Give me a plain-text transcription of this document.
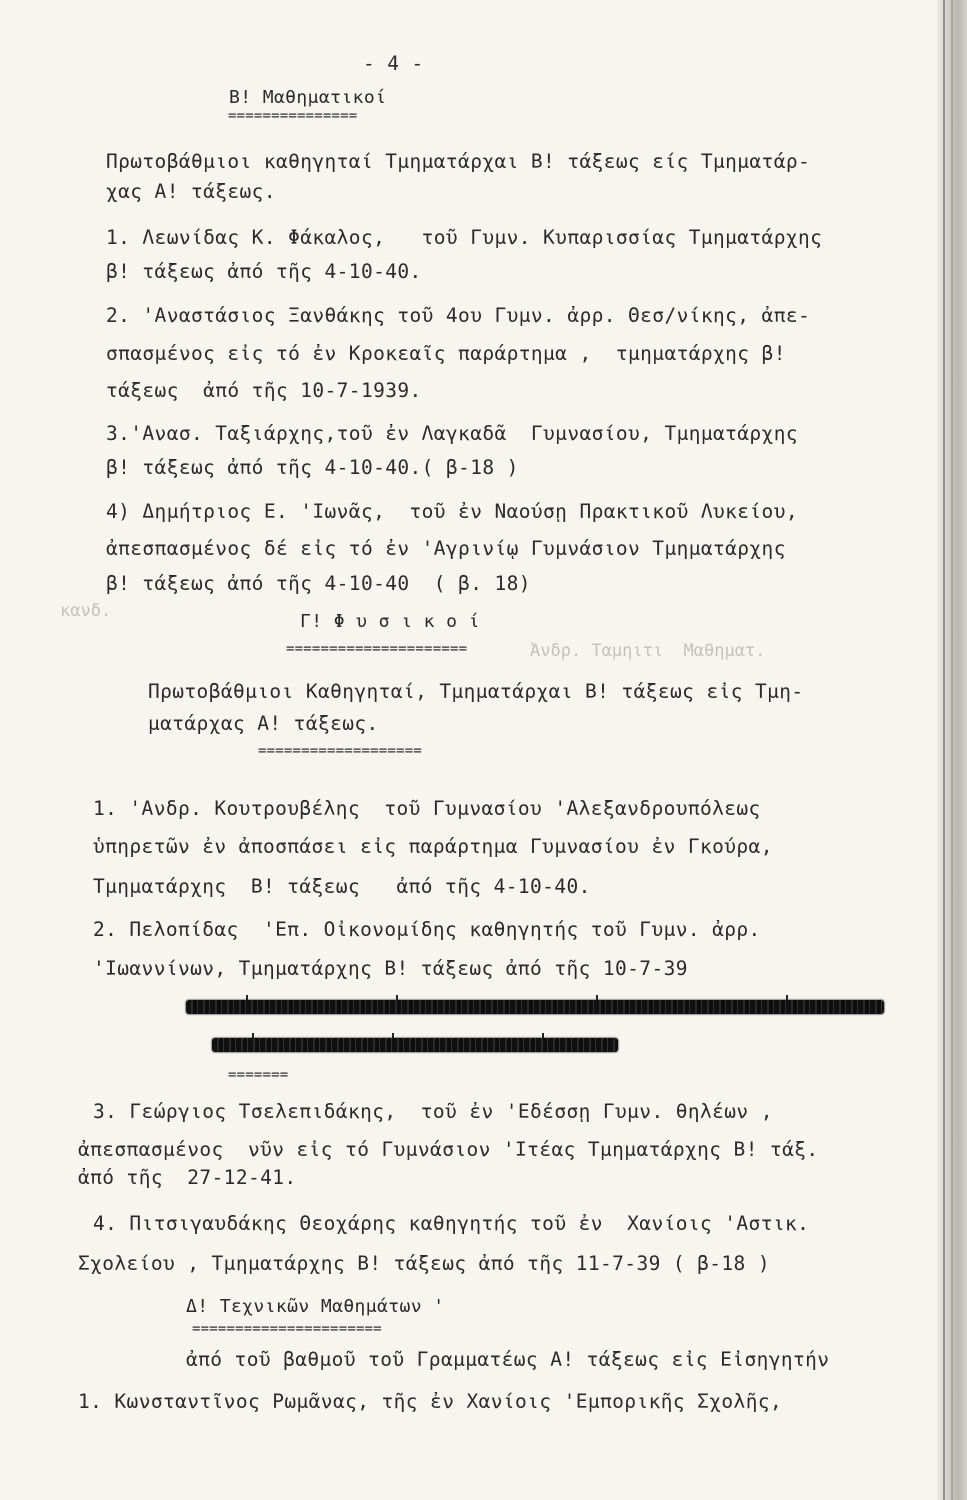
Ἀνδρ. Ταμηιτι  Μαθηματ.
κανδ.
- 4 -
Β! Μαθηματικοί
===============
Πρωτοβάθμιοι καθηγηταί Τμηματάρχαι Β! τάξεως είς Τμηματάρ-
χας Α! τάξεως.
1. Λεωνίδας Κ. Φάκαλος,   τοῦ Γυμν. Κυπαρισσίας Τμηματάρχης
β! τάξεως ἀπό τῆς 4-10-40.
2. 'Αναστάσιος Ξανθάκης τοῦ 4ου Γυμν. ἀρρ. Θεσ/νίκης, ἀπε-
σπασμένος εἰς τό ἐν Κροκεαῖς παράρτημα ,  τμηματάρχης β!
τάξεως  ἀπό τῆς 10-7-1939.
3.'Ανασ. Ταξιάρχης,τοῦ ἐν Λαγκαδᾶ  Γυμνασίου, Τμηματάρχης
β! τάξεως ἀπό τῆς 4-10-40.( β-18 )
4) Δημήτριος Ε. 'Ιωνᾶς,  τοῦ ἐν Ναούσῃ Πρακτικοῦ Λυκείου,
ἀπεσπασμένος δέ εἰς τό ἐν 'Αγρινίῳ Γυμνάσιον Τμηματάρχης
β! τάξεως ἀπό τῆς 4-10-40  ( β. 18)
Γ! Φ υ σ ι κ ο ί
=====================
Πρωτοβάθμιοι Καθηγηταί, Τμηματάρχαι Β! τάξεως εἰς Τμη-
ματάρχας Α! τάξεως.
===================
1. 'Ανδρ. Κουτρουβέλης  τοῦ Γυμνασίου 'Αλεξανδρουπόλεως
ὑπηρετῶν ἐν ἀποσπάσει εἰς παράρτημα Γυμνασίου ἐν Γκούρα,
Τμηματάρχης  Β! τάξεως   ἀπό τῆς 4-10-40.
2. Πελοπίδας  'Επ. Οἰκονομίδης καθηγητής τοῦ Γυμν. ἀρρ.
'Ιωαννίνων, Τμηματάρχης Β! τάξεως ἀπό τῆς 10-7-39
=======
3. Γεώργιος Τσελεπιδάκης,  τοῦ ἐν 'Εδέσσῃ Γυμν. θηλέων ,
ἀπεσπασμένος  νῦν εἰς τό Γυμνάσιον 'Ιτέας Τμηματάρχης Β! τάξ.
ἀπό τῆς  27-12-41.
4. Πιτσιγαυδάκης Θεοχάρης καθηγητής τοῦ ἐν  Χανίοις 'Αστικ.
Σχολείου , Τμηματάρχης Β! τάξεως ἀπό τῆς 11-7-39 ( β-18 )
Δ! Τεχνικῶν Μαθημάτων '
======================
ἀπό τοῦ βαθμοῦ τοῦ Γραμματέως Α! τάξεως εἰς Εἰσηγητήν
1. Κωνσταντῖνος Ρωμᾶνας, τῆς ἐν Χανίοις 'Εμπορικῆς Σχολῆς,
